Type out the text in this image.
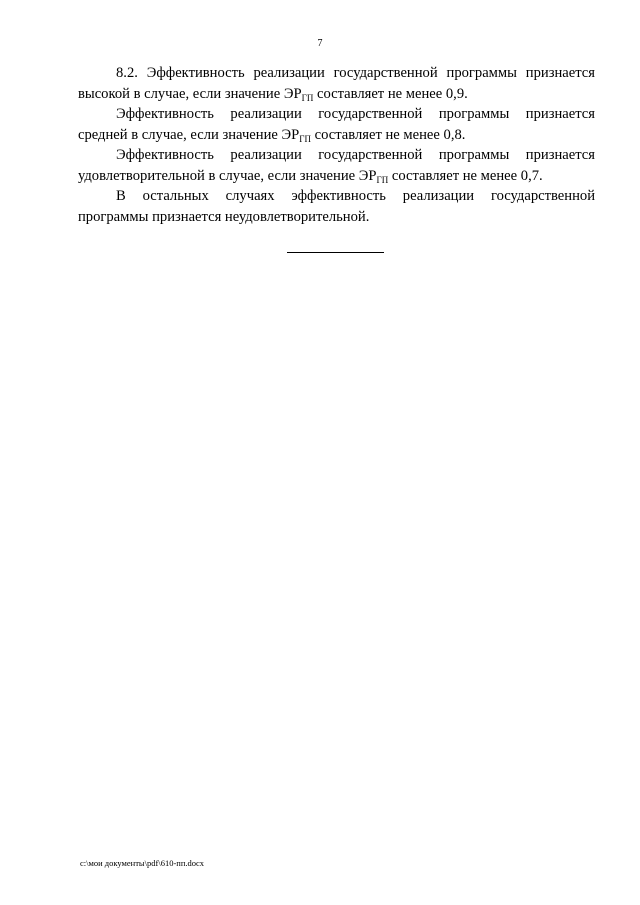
7

8.2. Эффективность реализации государственной программы признается высокой в случае, если значение $ЭР_{ГП}$ составляет не менее 0,9.

Эффективность реализации государственной программы признается средней в случае, если значение $ЭР_{ГП}$ составляет не менее 0,8.

Эффективность реализации государственной программы признается удовлетворительной в случае, если значение $ЭР_{ГП}$ составляет не менее 0,7.

В остальных случаях эффективность реализации государственной программы признается неудовлетворительной.

c:\мои документы\pdf\610-пп.docx
